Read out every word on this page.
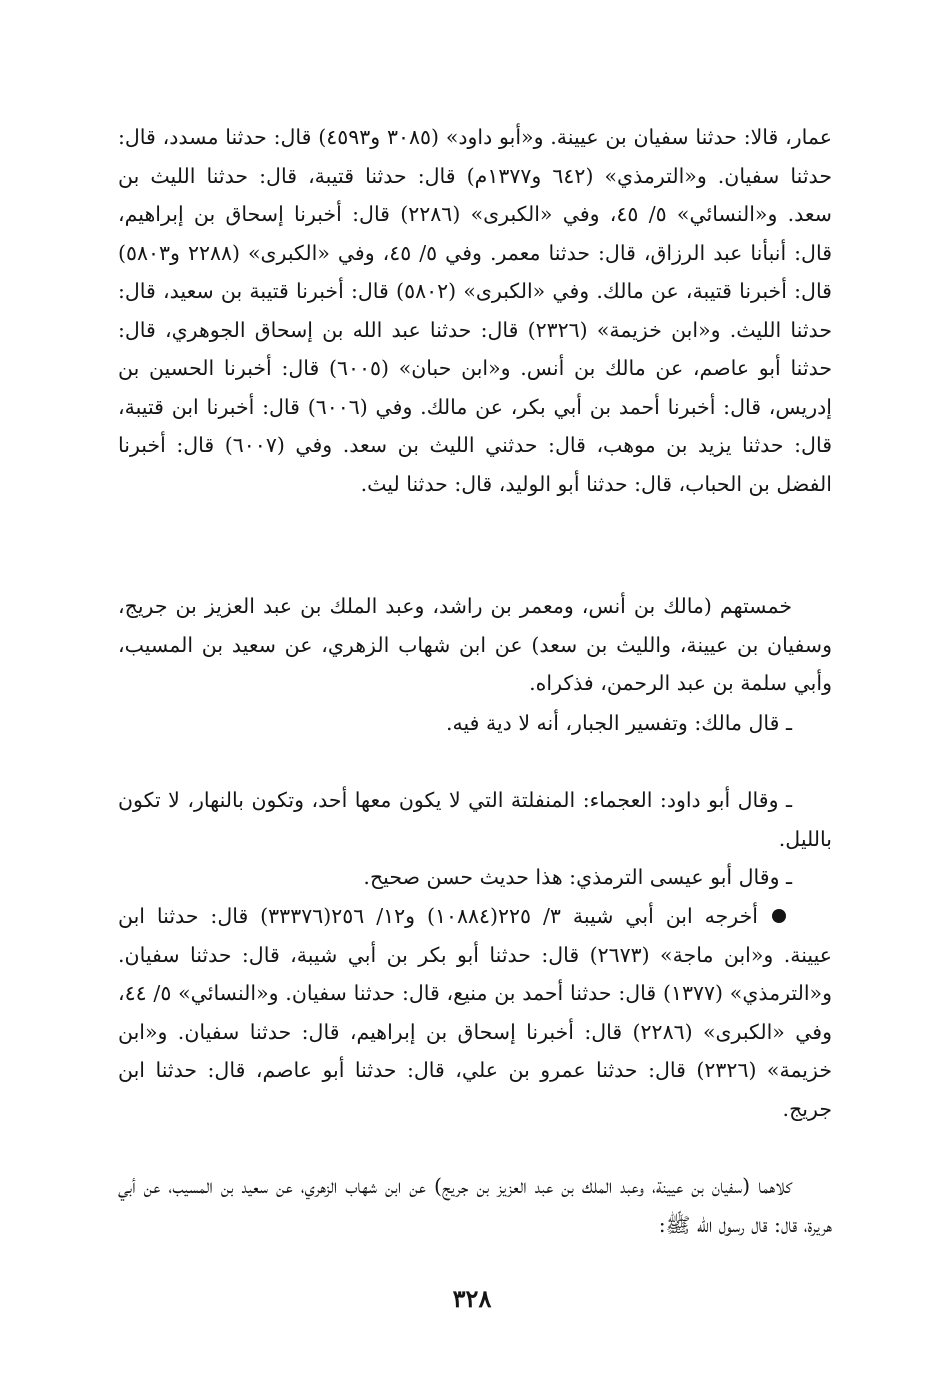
عمار، قالا: حدثنا سفيان بن عيينة. و«أبو داود» (٣٠٨٥ و٤٥٩٣) قال: حدثنا مسدد، قال: حدثنا سفيان. و«الترمذي» (٦٤٢ و١٣٧٧م) قال: حدثنا قتيبة، قال: حدثنا الليث بن سعد. و«النسائي» ٥/ ٤٥، وفي «الكبرى» (٢٢٨٦) قال: أخبرنا إسحاق بن إبراهيم، قال: أنبأنا عبد الرزاق، قال: حدثنا معمر. وفي ٥/ ٤٥، وفي «الكبرى» (٢٢٨٨ و٥٨٠٣) قال: أخبرنا قتيبة، عن مالك. وفي «الكبرى» (٥٨٠٢) قال: أخبرنا قتيبة بن سعيد، قال: حدثنا الليث. و«ابن خزيمة» (٢٣٢٦) قال: حدثنا عبد الله بن إسحاق الجوهري، قال: حدثنا أبو عاصم، عن مالك بن أنس. و«ابن حبان» (٦٠٠٥) قال: أخبرنا الحسين بن إدريس، قال: أخبرنا أحمد بن أبي بكر، عن مالك. وفي (٦٠٠٦) قال: أخبرنا ابن قتيبة، قال: حدثنا يزيد بن موهب، قال: حدثني الليث بن سعد. وفي (٦٠٠٧) قال: أخبرنا الفضل بن الحباب، قال: حدثنا أبو الوليد، قال: حدثنا ليث.

خمستهم (مالك بن أنس، ومعمر بن راشد، وعبد الملك بن عبد العزيز بن جريج، وسفيان بن عيينة، والليث بن سعد) عن ابن شهاب الزهري، عن سعيد بن المسيب، وأبي سلمة بن عبد الرحمن، فذكراه.

ـ قال مالك: وتفسير الجبار، أنه لا دية فيه.

ـ وقال أبو داود: العجماء: المنفلتة التي لا يكون معها أحد، وتكون بالنهار، لا تكون بالليل.

ـ وقال أبو عيسى الترمذي: هذا حديث حسن صحيح.

أخرجه ابن أبي شيبة ٣/ ٢٢٥(١٠٨٨٤) و١٢/ ٢٥٦(٣٣٣٧٦) قال: حدثنا ابن عيينة. و«ابن ماجة» (٢٦٧٣) قال: حدثنا أبو بكر بن أبي شيبة، قال: حدثنا سفيان. و«الترمذي» (١٣٧٧) قال: حدثنا أحمد بن منيع، قال: حدثنا سفيان. و«النسائي» ٥/ ٤٤، وفي «الكبرى» (٢٢٨٦) قال: أخبرنا إسحاق بن إبراهيم، قال: حدثنا سفيان. و«ابن خزيمة» (٢٣٢٦) قال: حدثنا عمرو بن علي، قال: حدثنا أبو عاصم، قال: حدثنا ابن جريج.

كلاهما (سفيان بن عيينة، وعبد الملك بن عبد العزيز بن جريج) عن ابن شهاب الزهري، عن سعيد بن المسيب، عن أبي هريرة، قال: قال رسول الله ﷺ:

٣٢٨
